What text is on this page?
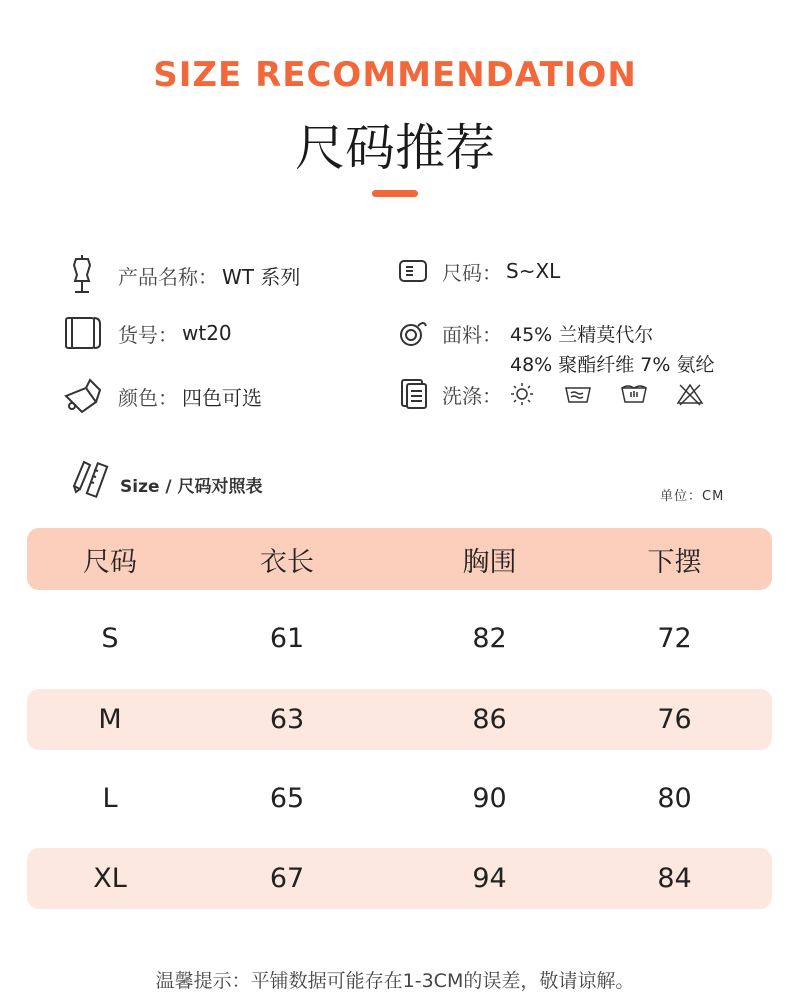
SIZE RECOMMENDATION
尺码推荐
产品名称： WT 系列	尺码： S~XL
货号： wt20	面料： 45% 兰精莫代尔
48% 聚酯纤维 7% 氨纶
颜色： 四色可选	洗涤：
Size / 尺码对照表	单位：CM
尺码	衣长	胸围	下摆
S	61	82	72
M	63	86	76
L	65	90	80
XL	67	94	84
温馨提示：平铺数据可能存在1-3CM的误差，敬请谅解。
